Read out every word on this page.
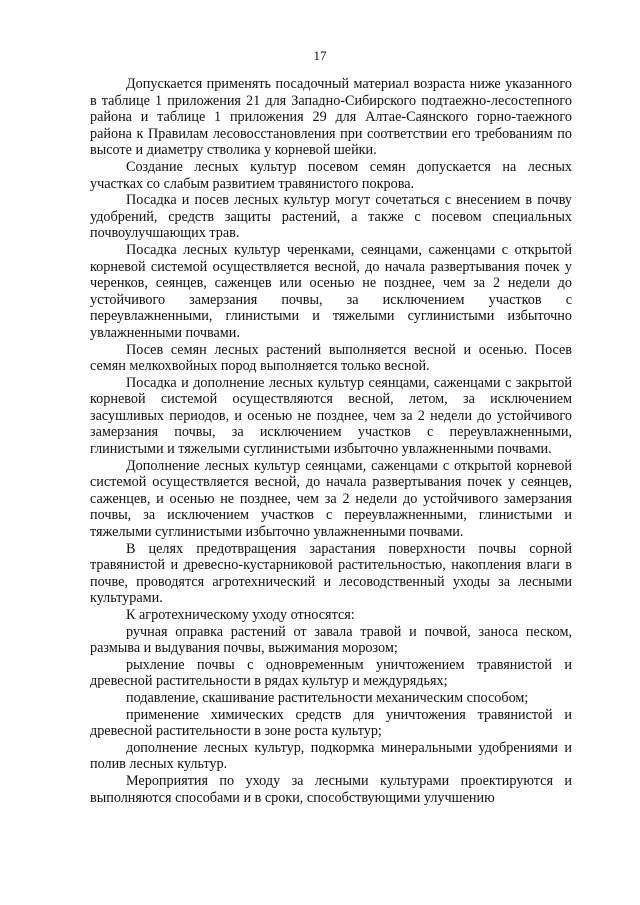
17

Допускается применять посадочный материал возраста ниже указанного в таблице 1 приложения 21 для Западно-Сибирского подтаежно-лесостепного района и таблице 1 приложения 29 для Алтае-Саянского горно-таежного района к Правилам лесовосстановления при соответствии его требованиям по высоте и диаметру стволика у корневой шейки.

Создание лесных культур посевом семян допускается на лесных участках со слабым развитием травянистого покрова.

Посадка и посев лесных культур могут сочетаться с внесением в почву удобрений, средств защиты растений, а также с посевом специальных почвоулучшающих трав.

Посадка лесных культур черенками, сеянцами, саженцами с открытой корневой системой осуществляется весной, до начала развертывания почек у черенков, сеянцев, саженцев или осенью не позднее, чем за 2 недели до устойчивого замерзания почвы, за исключением участков с переувлажненными, глинистыми и тяжелыми суглинистыми избыточно увлажненными почвами.

Посев семян лесных растений выполняется весной и осенью. Посев семян мелкохвойных пород выполняется только весной.

Посадка и дополнение лесных культур сеянцами, саженцами с закрытой корневой системой осуществляются весной, летом, за исключением засушливых периодов, и осенью не позднее, чем за 2 недели до устойчивого замерзания почвы, за исключением участков с переувлажненными, глинистыми и тяжелыми суглинистыми избыточно увлажненными почвами.

Дополнение лесных культур сеянцами, саженцами с открытой корневой системой осуществляется весной, до начала развертывания почек у сеянцев, саженцев, и осенью не позднее, чем за 2 недели до устойчивого замерзания почвы, за исключением участков с переувлажненными, глинистыми и тяжелыми суглинистыми избыточно увлажненными почвами.

В целях предотвращения зарастания поверхности почвы сорной травянистой и древесно-кустарниковой растительностью, накопления влаги в почве, проводятся агротехнический и лесоводственный уходы за лесными культурами.

К агротехническому уходу относятся:

ручная оправка растений от завала травой и почвой, заноса песком, размыва и выдувания почвы, выжимания морозом;

рыхление почвы с одновременным уничтожением травянистой и древесной растительности в рядах культур и междурядьях;

подавление, скашивание растительности механическим способом;

применение химических средств для уничтожения травянистой и древесной растительности в зоне роста культур;

дополнение лесных культур, подкормка минеральными удобрениями и полив лесных культур.

Мероприятия по уходу за лесными культурами проектируются и выполняются способами и в сроки, способствующими улучшению
